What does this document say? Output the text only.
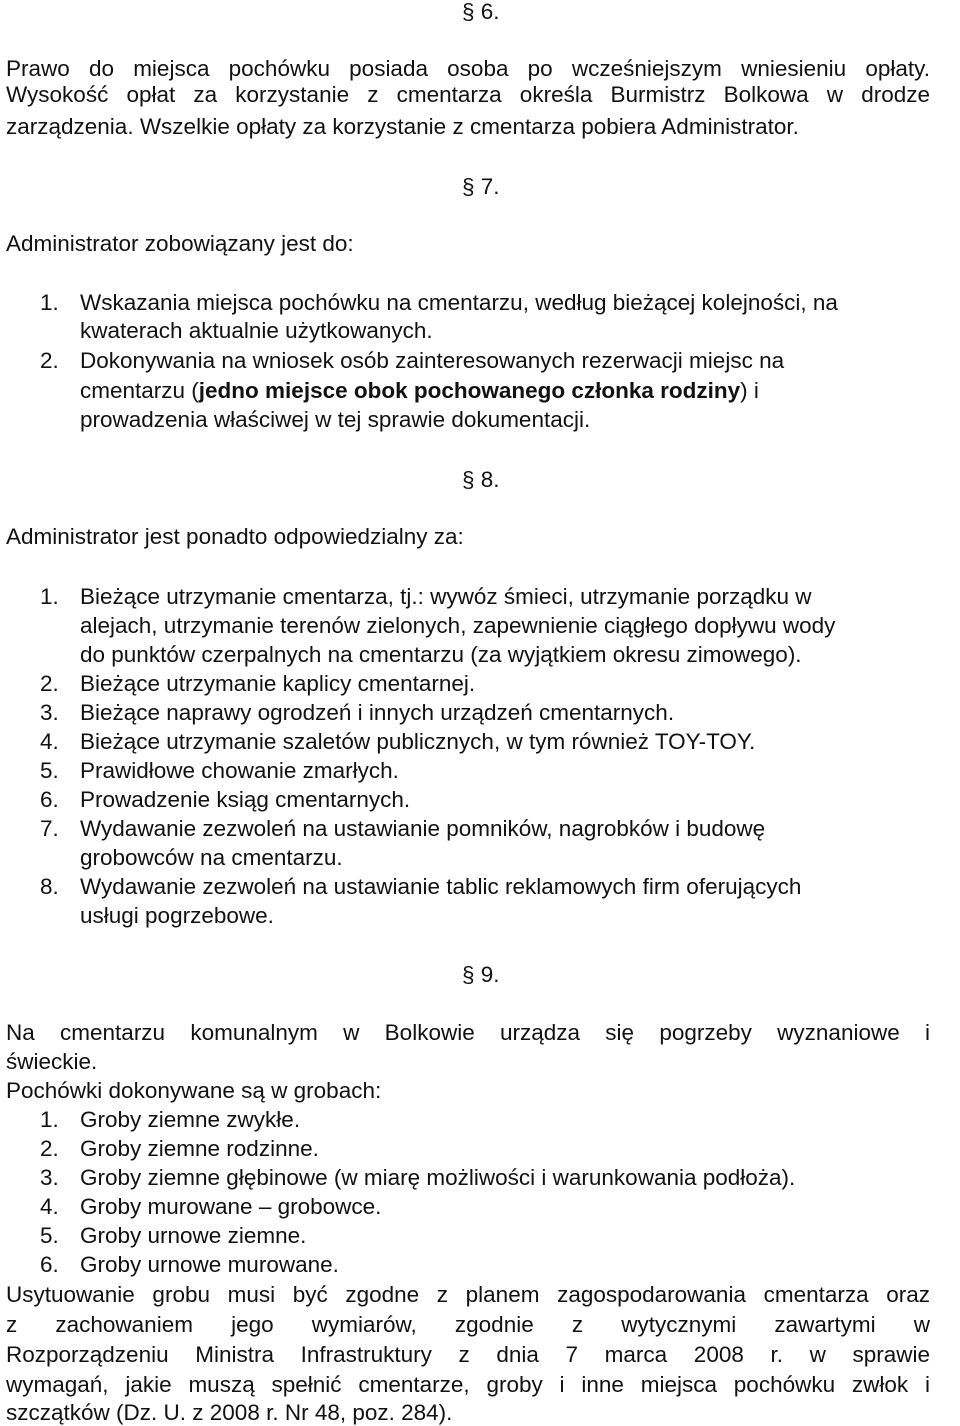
§ 6.
Prawo do miejsca pochówku posiada osoba po wcześniejszym wniesieniu opłaty.
Wysokość opłat za korzystanie z cmentarza określa Burmistrz Bolkowa w drodze
zarządzenia. Wszelkie opłaty za korzystanie z cmentarza pobiera Administrator.
§ 7.
Administrator zobowiązany jest do:
1. Wskazania miejsca pochówku na cmentarzu, według bieżącej kolejności, na
kwaterach aktualnie użytkowanych.
2. Dokonywania na wniosek osób zainteresowanych rezerwacji miejsc na
cmentarzu (jedno miejsce obok pochowanego członka rodziny) i
prowadzenia właściwej w tej sprawie dokumentacji.
§ 8.
Administrator jest ponadto odpowiedzialny za:
1. Bieżące utrzymanie cmentarza, tj.: wywóz śmieci, utrzymanie porządku w
alejach, utrzymanie terenów zielonych, zapewnienie ciągłego dopływu wody
do punktów czerpalnych na cmentarzu (za wyjątkiem okresu zimowego).
2. Bieżące utrzymanie kaplicy cmentarnej.
3. Bieżące naprawy ogrodzeń i innych urządzeń cmentarnych.
4. Bieżące utrzymanie szaletów publicznych, w tym również TOY-TOY.
5. Prawidłowe chowanie zmarłych.
6. Prowadzenie ksiąg cmentarnych.
7. Wydawanie zezwoleń na ustawianie pomników, nagrobków i budowę
grobowców na cmentarzu.
8. Wydawanie zezwoleń na ustawianie tablic reklamowych firm oferujących
usługi pogrzebowe.
§ 9.
Na cmentarzu komunalnym w Bolkowie urządza się pogrzeby wyznaniowe i
świeckie.
Pochówki dokonywane są w grobach:
1. Groby ziemne zwykłe.
2. Groby ziemne rodzinne.
3. Groby ziemne głębinowe (w miarę możliwości i warunkowania podłoża).
4. Groby murowane – grobowce.
5. Groby urnowe ziemne.
6. Groby urnowe murowane.
Usytuowanie grobu musi być zgodne z planem zagospodarowania cmentarza oraz
z zachowaniem jego wymiarów, zgodnie z wytycznymi zawartymi w
Rozporządzeniu Ministra Infrastruktury z dnia 7 marca 2008 r. w sprawie
wymagań, jakie muszą spełnić cmentarze, groby i inne miejsca pochówku zwłok i
szczątków (Dz. U. z 2008 r. Nr 48, poz. 284).
